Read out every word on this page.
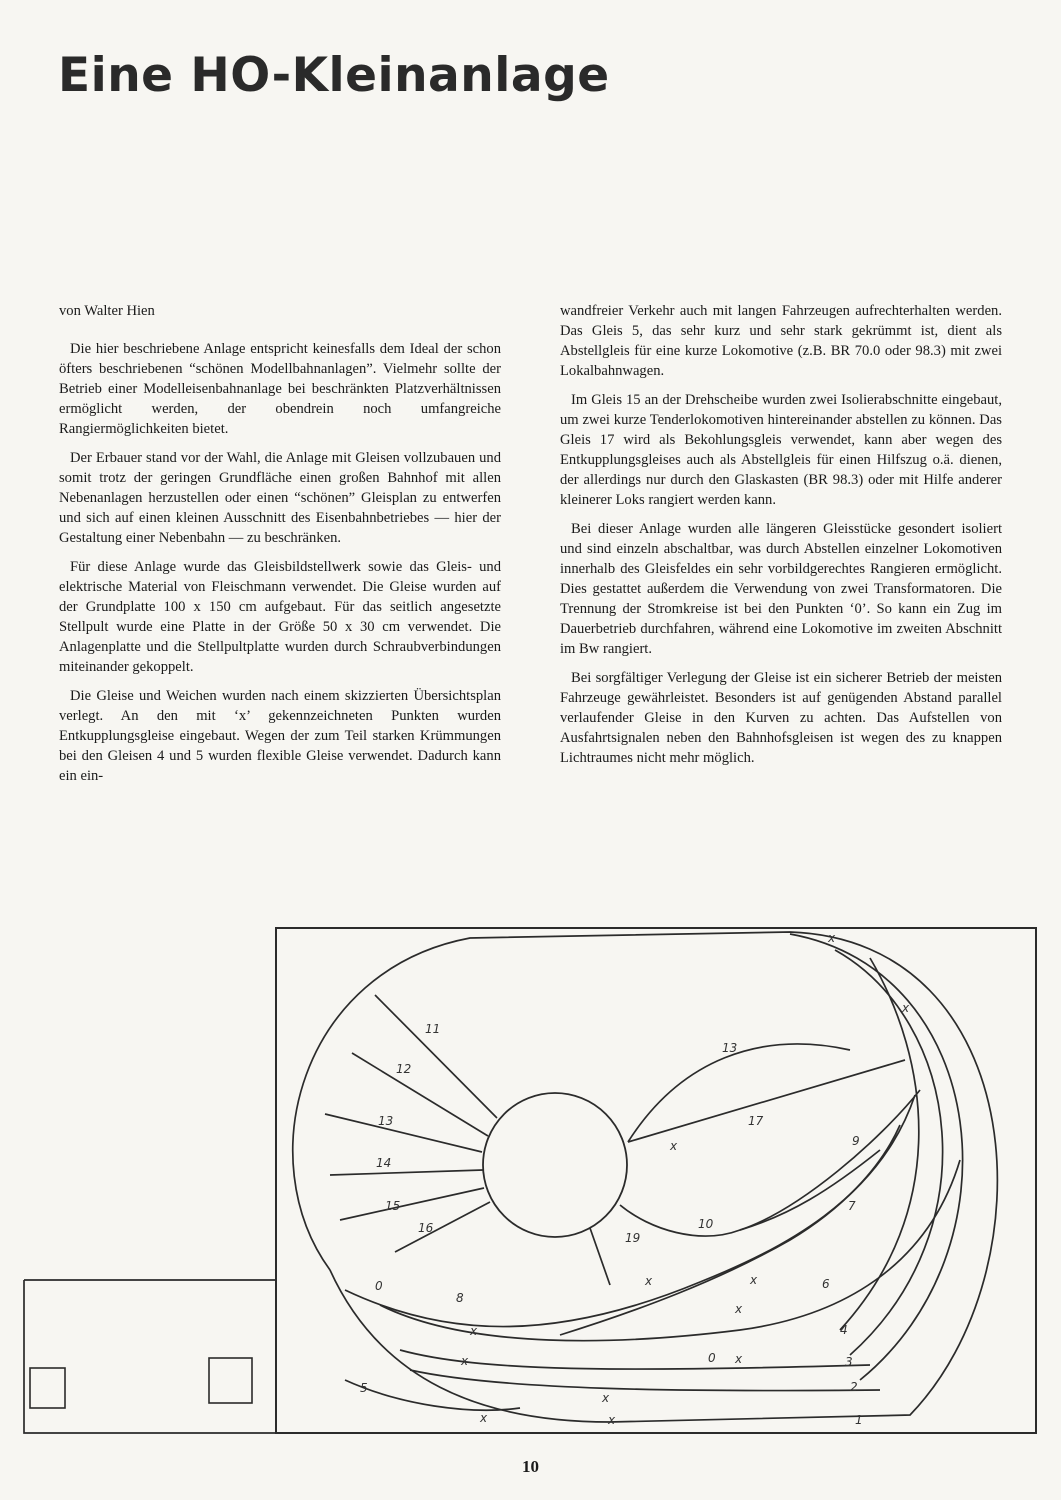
Eine HO-Kleinanlage

von Walter Hien

Die hier beschriebene Anlage entspricht keinesfalls dem Ideal der schon öfters beschriebenen “schönen Modellbahnanlagen”. Vielmehr sollte der Betrieb einer Modelleisenbahnanlage bei beschränkten Platzverhältnissen ermöglicht werden, der obendrein noch umfangreiche Rangiermöglichkeiten bietet.

Der Erbauer stand vor der Wahl, die Anlage mit Gleisen vollzubauen und somit trotz der geringen Grundfläche einen großen Bahnhof mit allen Nebenanlagen herzustellen oder einen “schönen” Gleisplan zu entwerfen und sich auf einen kleinen Ausschnitt des Eisenbahnbetriebes — hier der Gestaltung einer Nebenbahn — zu beschränken.

Für diese Anlage wurde das Gleisbildstellwerk sowie das Gleis- und elektrische Material von Fleischmann verwendet. Die Gleise wurden auf der Grundplatte 100 x 150 cm aufgebaut. Für das seitlich angesetzte Stellpult wurde eine Platte in der Größe 50 x 30 cm verwendet. Die Anlagenplatte und die Stellpultplatte wurden durch Schraubverbindungen miteinander gekoppelt.

Die Gleise und Weichen wurden nach einem skizzierten Übersichtsplan verlegt. An den mit ‘x’ gekennzeichneten Punkten wurden Entkupplungsgleise eingebaut. Wegen der zum Teil starken Krümmungen bei den Gleisen 4 und 5 wurden flexible Gleise verwendet. Dadurch kann ein ein-

wandfreier Verkehr auch mit langen Fahrzeugen aufrechterhalten werden. Das Gleis 5, das sehr kurz und sehr stark gekrümmt ist, dient als Abstellgleis für eine kurze Lokomotive (z.B. BR 70.0 oder 98.3) mit zwei Lokalbahnwagen.

Im Gleis 15 an der Drehscheibe wurden zwei Isolierabschnitte eingebaut, um zwei kurze Tenderlokomotiven hintereinander abstellen zu können. Das Gleis 17 wird als Bekohlungsgleis verwendet, kann aber wegen des Entkupplungsgleises auch als Abstellgleis für einen Hilfszug o.ä. dienen, der allerdings nur durch den Glaskasten (BR 98.3) oder mit Hilfe anderer kleinerer Loks rangiert werden kann.

Bei dieser Anlage wurden alle längeren Gleisstücke gesondert isoliert und sind einzeln abschaltbar, was durch Abstellen einzelner Lokomotiven innerhalb des Gleisfeldes ein sehr vorbildgerechtes Rangieren ermöglicht. Dies gestattet außerdem die Verwendung von zwei Transformatoren. Die Trennung der Stromkreise ist bei den Punkten ‘0’. So kann ein Zug im Dauerbetrieb durchfahren, während eine Lokomotive im zweiten Abschnitt im Bw rangiert.

Bei sorgfältiger Verlegung der Gleise ist ein sicherer Betrieb der meisten Fahrzeuge gewährleistet. Besonders ist auf genügenden Abstand parallel verlaufender Gleise in den Kurven zu achten. Das Aufstellen von Ausfahrtsignalen neben den Bahnhofsgleisen ist wegen des zu knappen Lichtraumes nicht mehr möglich.

11
12
13
14
15
16
13
17
19
10
9
7
6
8
4
3
2
1
5
0
0
x
x
x
x	x
x
x
x
x
x
x	x
10
